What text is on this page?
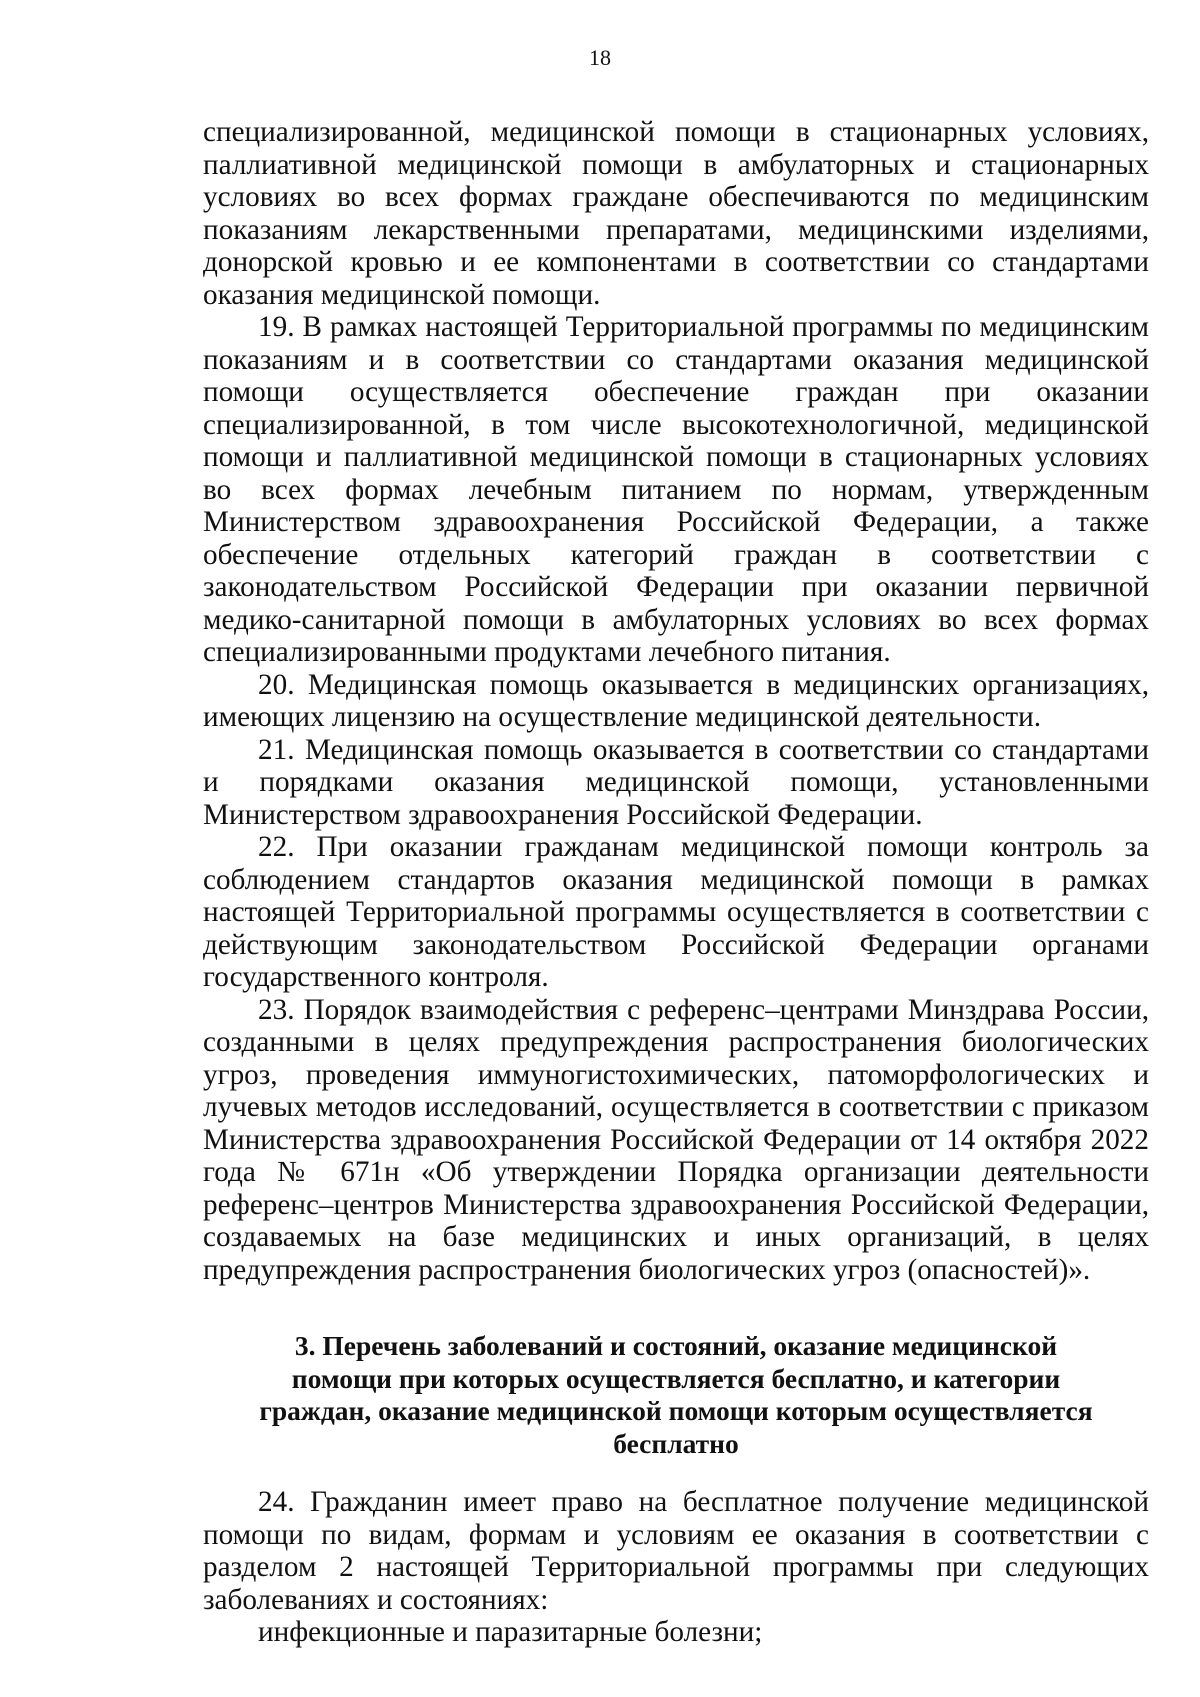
18

специализированной, медицинской помощи в стационарных условиях, паллиативной медицинской помощи в амбулаторных и стационарных условиях во всех формах граждане обеспечиваются по медицинским показаниям лекарственными препаратами, медицинскими изделиями, донорской кровью и ее компонентами в соответствии со стандартами оказания медицинской помощи.

19. В рамках настоящей Территориальной программы по медицинским показаниям и в соответствии со стандартами оказания медицинской помощи осуществляется обеспечение граждан при оказании специализированной, в том числе высокотехнологичной, медицинской помощи и паллиативной медицинской помощи в стационарных условиях во всех формах лечебным питанием по нормам, утвержденным Министерством здравоохранения Российской Федерации, а также обеспечение отдельных категорий граждан в соответствии с законодательством Российской Федерации при оказании первичной медико-санитарной помощи в амбулаторных условиях во всех формах специализированными продуктами лечебного питания.

20. Медицинская помощь оказывается в медицинских организациях, имеющих лицензию на осуществление медицинской деятельности.

21. Медицинская помощь оказывается в соответствии со стандартами и порядками оказания медицинской помощи, установленными Министерством здравоохранения Российской Федерации.

22. При оказании гражданам медицинской помощи контроль за соблюдением стандартов оказания медицинской помощи в рамках настоящей Территориальной программы осуществляется в соответствии с действующим законодательством Российской Федерации органами государственного контроля.

23. Порядок взаимодействия с референс–центрами Минздрава России, созданными в целях предупреждения распространения биологических угроз, проведения иммуногистохимических, патоморфологических и лучевых методов исследований, осуществляется в соответствии с приказом Министерства здравоохранения Российской Федерации от 14 октября 2022 года № 671н «Об утверждении Порядка организации деятельности референс–центров Министерства здравоохранения Российской Федерации, создаваемых на базе медицинских и иных организаций, в целях предупреждения распространения биологических угроз (опасностей)».

3. Перечень заболеваний и состояний, оказание медицинской помощи при которых осуществляется бесплатно, и категории граждан, оказание медицинской помощи которым осуществляется бесплатно

24. Гражданин имеет право на бесплатное получение медицинской помощи по видам, формам и условиям ее оказания в соответствии с разделом 2 настоящей Территориальной программы при следующих заболеваниях и состояниях:

инфекционные и паразитарные болезни;
